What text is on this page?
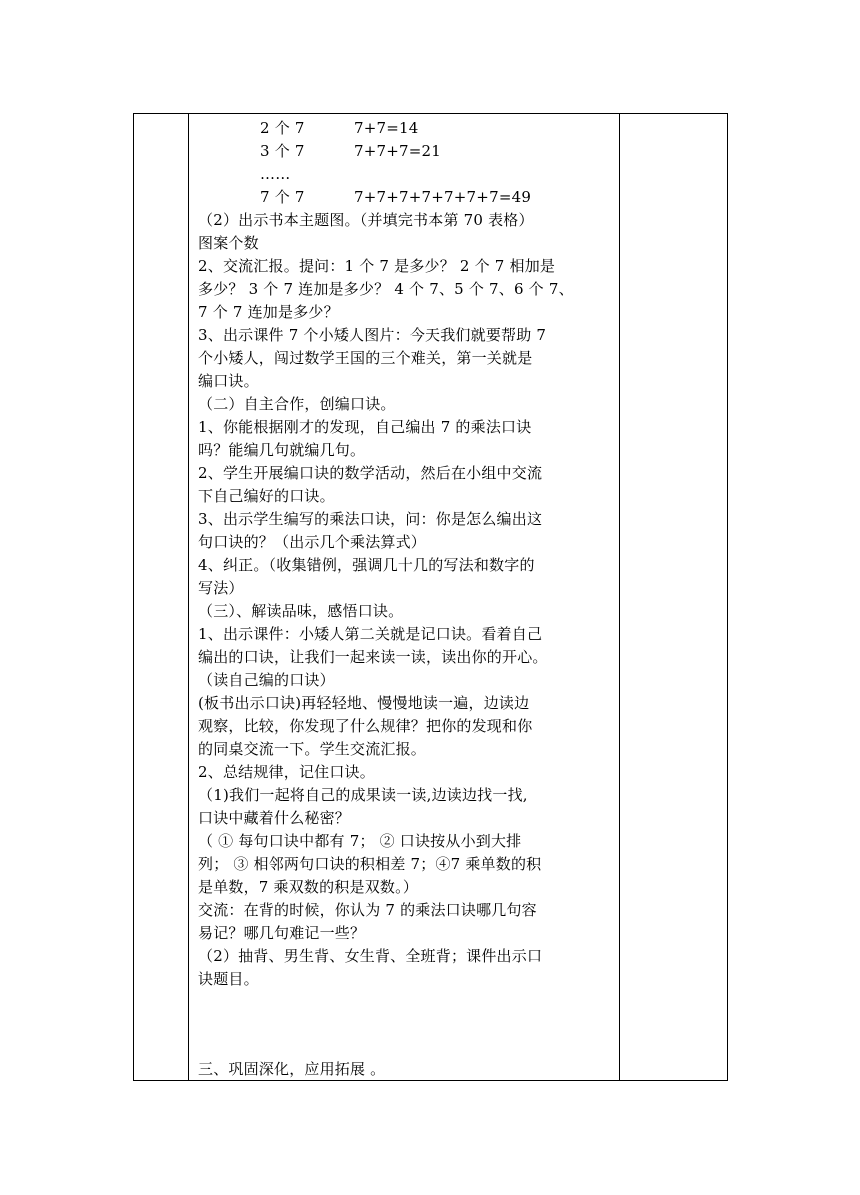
2 个 7	7+7=14
3 个 7	7+7+7=21
……
7 个 7	7+7+7+7+7+7+7=49
（2）出示书本主题图。（并填完书本第 70 表格）
图案个数
2、交流汇报。提问：1 个 7 是多少？ 2 个 7 相加是
多少？ 3 个 7 连加是多少？ 4 个 7、5 个 7、6 个 7、
7 个 7 连加是多少？
3、出示课件 7 个小矮人图片：今天我们就要帮助 7
个小矮人，闯过数学王国的三个难关，第一关就是
编口诀。
（二）自主合作，创编口诀。
1、你能根据刚才的发现，自己编出 7 的乘法口诀
吗？能编几句就编几句。
2、学生开展编口诀的数学活动，然后在小组中交流
下自己编好的口诀。
3、出示学生编写的乘法口诀，问：你是怎么编出这
句口诀的？（出示几个乘法算式）
4、纠正。（收集错例，强调几十几的写法和数字的
写法）
（三）、解读品味，感悟口诀。
1、出示课件：小矮人第二关就是记口诀。看着自己
编出的口诀，让我们一起来读一读，读出你的开心。
（读自己编的口诀）
(板书出示口诀)再轻轻地、慢慢地读一遍，边读边
观察，比较，你发现了什么规律？把你的发现和你
的同桌交流一下。学生交流汇报。
2、总结规律，记住口诀。
（1)我们一起将自己的成果读一读,边读边找一找,
口诀中藏着什么秘密？
（ ① 每句口诀中都有 7； ② 口诀按从小到大排
列； ③ 相邻两句口诀的积相差 7；④7 乘单数的积
是单数，7 乘双数的积是双数。）
交流：在背的时候，你认为 7 的乘法口诀哪几句容
易记？哪几句难记一些？
（2）抽背、男生背、女生背、全班背；课件出示口
诀题目。
三、巩固深化，应用拓展 。
